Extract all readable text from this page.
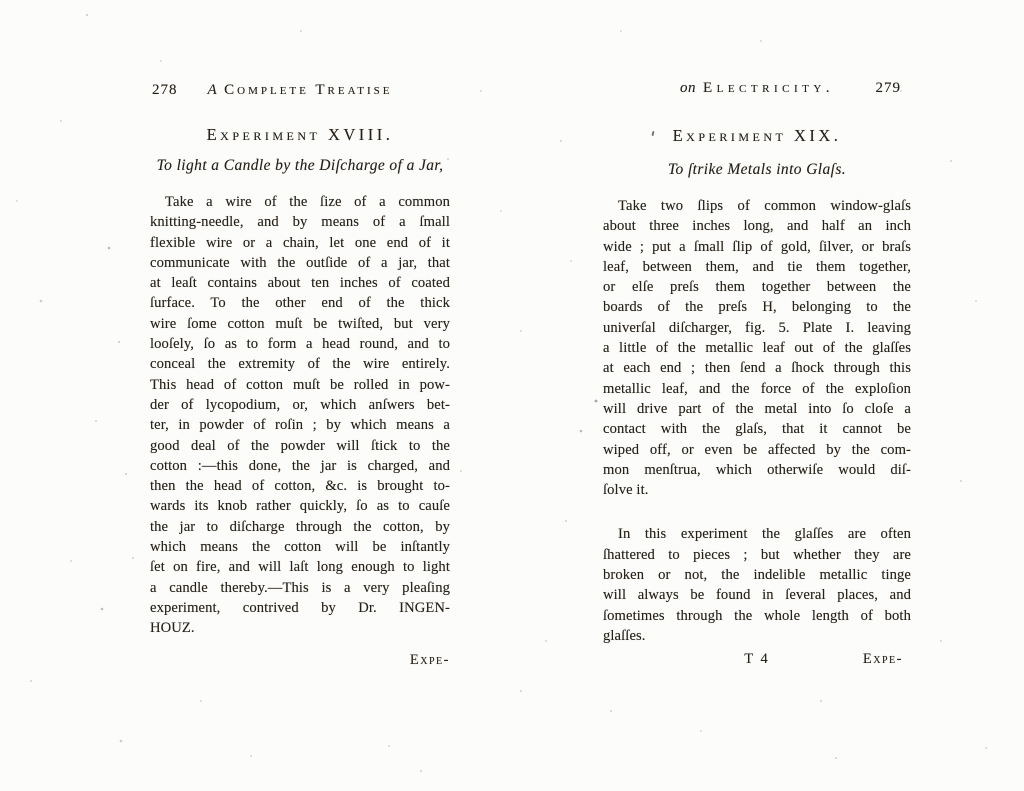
278 A Complete Treatise
Experiment XVIII.
To light a Candle by the Diſcharge of a Jar,
Take a wire of the ſize of a common
knitting-needle, and by means of a ſmall
flexible wire or a chain, let one end of it
communicate with the outſide of a jar, that
at leaſt contains about ten inches of coated
ſurface. To the other end of the thick
wire ſome cotton muſt be twiſted, but very
looſely, ſo as to form a head round, and to
conceal the extremity of the wire entirely.
This head of cotton muſt be rolled in pow-
der of lycopodium, or, which anſwers bet-
ter, in powder of roſin ; by which means a
good deal of the powder will ſtick to the
cotton :—this done, the jar is charged, and
then the head of cotton, &c. is brought to-
wards its knob rather quickly, ſo as to cauſe
the jar to diſcharge through the cotton, by
which means the cotton will be inſtantly
ſet on fire, and will laſt long enough to light
a candle thereby.—This is a very pleaſing
experiment, contrived by Dr. INGEN-
HOUZ.
Expe-
on Electricity.	279
Experiment XIX.
To ſtrike Metals into Glaſs.
Take two ſlips of common window-glaſs
about three inches long, and half an inch
wide ; put a ſmall ſlip of gold, ſilver, or braſs
leaf, between them, and tie them together,
or elſe preſs them together between the
boards of the preſs H, belonging to the
univerſal diſcharger, fig. 5. Plate I. leaving
a little of the metallic leaf out of the glaſſes
at each end ; then ſend a ſhock through this
metallic leaf, and the force of the exploſion
will drive part of the metal into ſo cloſe a
contact with the glaſs, that it cannot be
wiped off, or even be affected by the com-
mon menſtrua, which otherwiſe would diſ-
ſolve it.
In this experiment the glaſſes are often
ſhattered to pieces ; but whether they are
broken or not, the indelible metallic tinge
will always be found in ſeveral places, and
ſometimes through the whole length of both
glaſſes.
T 4	Expe-
